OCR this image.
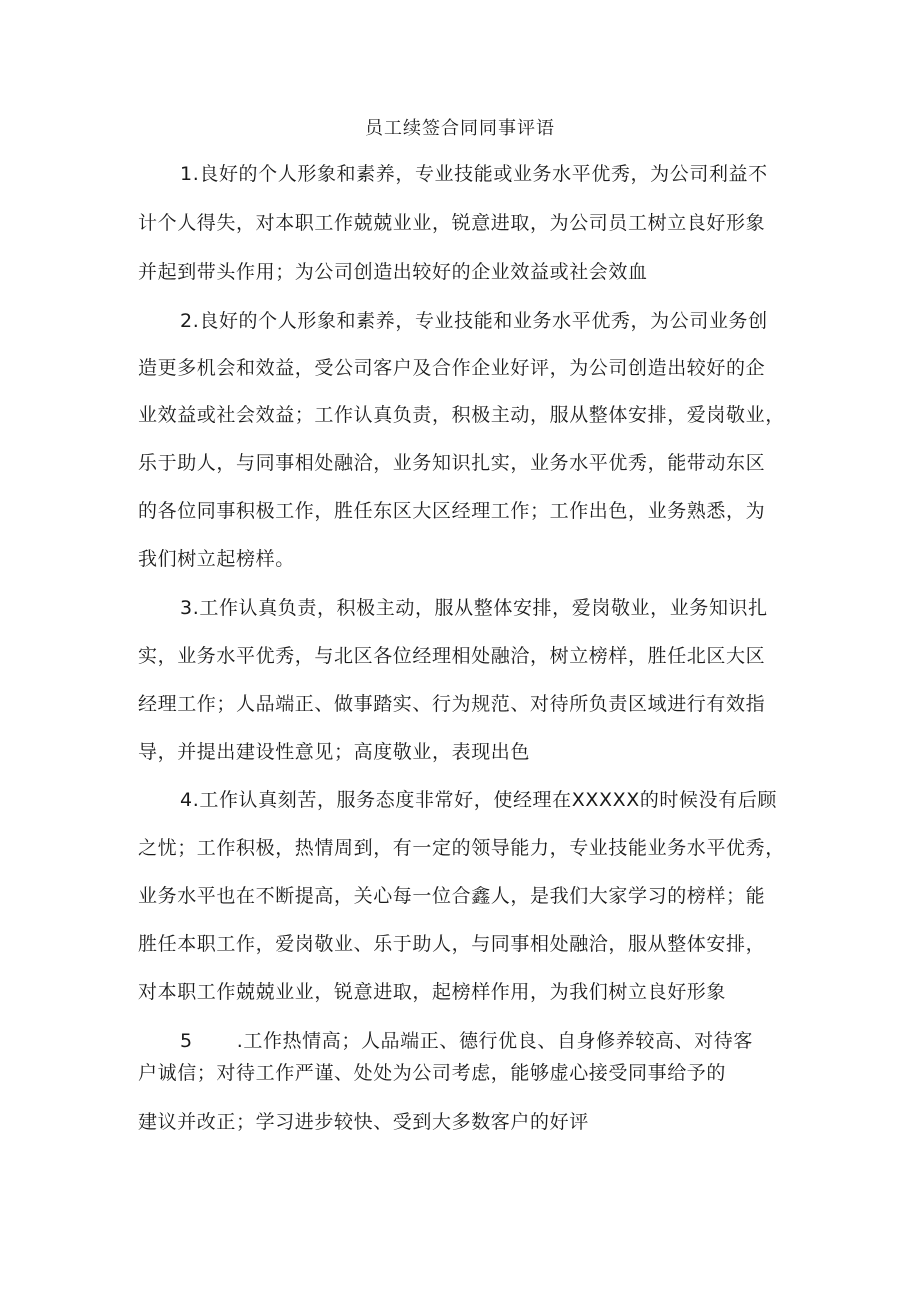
员工续签合同同事评语
1.良好的个人形象和素养，专业技能或业务水平优秀，为公司利益不
计个人得失，对本职工作兢兢业业，锐意进取，为公司员工树立良好形象
并起到带头作用；为公司创造出较好的企业效益或社会效血
2.良好的个人形象和素养，专业技能和业务水平优秀，为公司业务创
造更多机会和效益，受公司客户及合作企业好评，为公司创造出较好的企
业效益或社会效益；工作认真负责，积极主动，服从整体安排，爱岗敬业，
乐于助人，与同事相处融洽，业务知识扎实，业务水平优秀，能带动东区
的各位同事积极工作，胜任东区大区经理工作；工作出色，业务熟悉，为
我们树立起榜样。
3.工作认真负责，积极主动，服从整体安排，爱岗敬业，业务知识扎
实，业务水平优秀，与北区各位经理相处融洽，树立榜样，胜任北区大区
经理工作；人品端正、做事踏实、行为规范、对待所负责区域进行有效指
导，并提出建设性意见；高度敬业，表现出色
4.工作认真刻苦，服务态度非常好，使经理在XXXXX的时候没有后顾
之忧；工作积极，热情周到，有一定的领导能力，专业技能业务水平优秀，
业务水平也在不断提高，关心每一位合鑫人，是我们大家学习的榜样；能
胜任本职工作，爱岗敬业、乐于助人，与同事相处融洽，服从整体安排，
对本职工作兢兢业业，锐意进取，起榜样作用，为我们树立良好形象
5 .工作热情高；人品端正、德行优良、自身修养较高、对待客
户诚信；对待工作严谨、处处为公司考虑，能够虚心接受同事给予的
建议并改正；学习进步较快、受到大多数客户的好评
